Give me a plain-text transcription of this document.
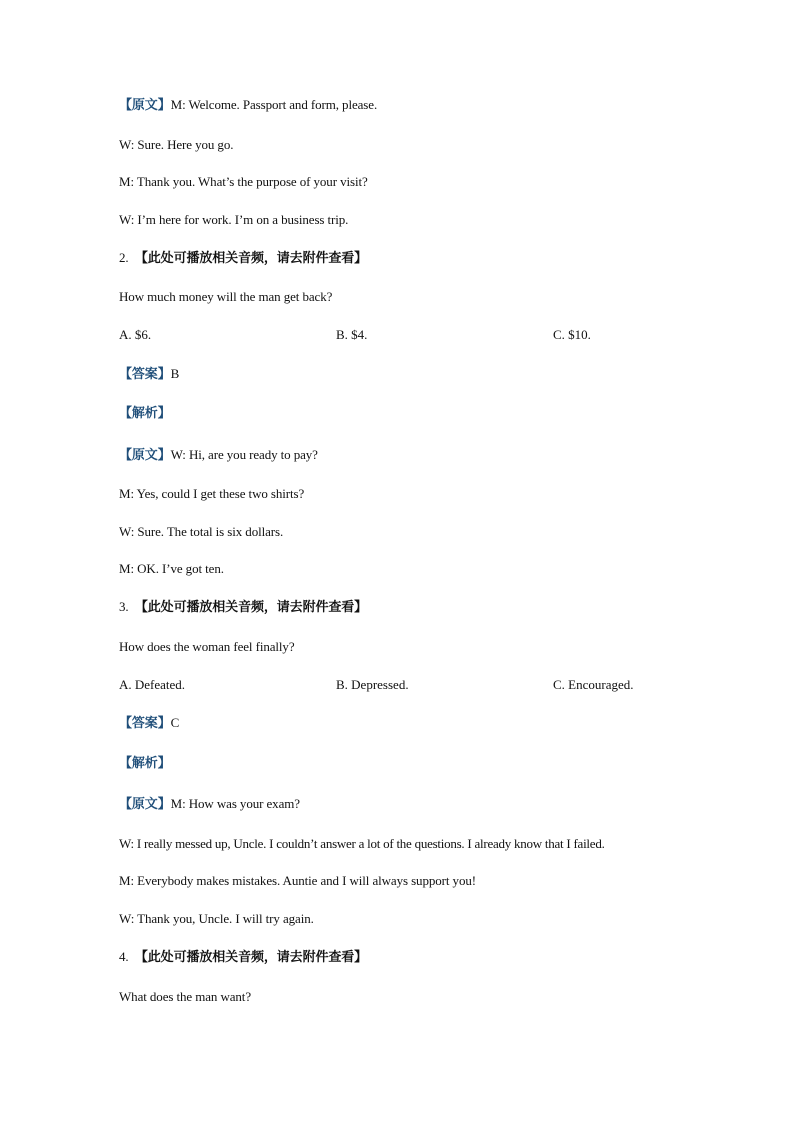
【原文】M: Welcome. Passport and form, please.
W: Sure. Here you go.
M: Thank you. What’s the purpose of your visit?
W: I’m here for work. I’m on a business trip.
2. 【此处可播放相关音频，请去附件查看】
How much money will the man get back?
A. $6.	B. $4.	C. $10.
【答案】B
【解析】
【原文】W: Hi, are you ready to pay?
M: Yes, could I get these two shirts?
W: Sure. The total is six dollars.
M: OK. I’ve got ten.
3. 【此处可播放相关音频，请去附件查看】
How does the woman feel finally?
A. Defeated.	B. Depressed.	C. Encouraged.
【答案】C
【解析】
【原文】M: How was your exam?
W: I really messed up, Uncle. I couldn’t answer a lot of the questions. I already know that I failed.
M: Everybody makes mistakes. Auntie and I will always support you!
W: Thank you, Uncle. I will try again.
4. 【此处可播放相关音频，请去附件查看】
What does the man want?
